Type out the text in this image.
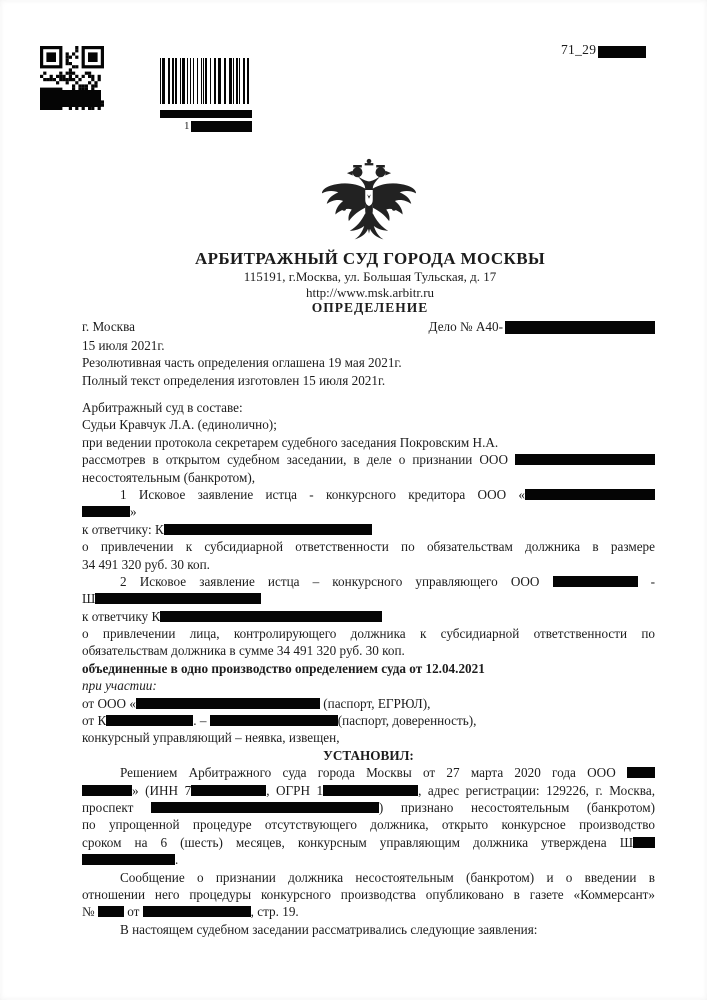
1
71_29
АРБИТРАЖНЫЙ СУД ГОРОДА МОСКВЫ
115191, г.Москва, ул. Большая Тульская, д. 17
http://www.msk.arbitr.ru
ОПРЕДЕЛЕНИЕ
г. Москва	Дело № А40-
15 июля 2021г.
Резолютивная часть определения оглашена 19 мая 2021г.
Полный текст определения изготовлен 15 июля 2021г.
Арбитражный суд в составе:
Судьи Кравчук Л.А. (единолично);
при ведении протокола секретарем судебного заседания Покровским Н.А.
рассмотрев в открытом судебном заседании, в деле о признании ООО
несостоятельным (банкротом),
1 Исковое заявление истца - конкурсного кредитора ООО «
»
к ответчику: К
о привлечении к субсидиарной ответственности по обязательствам должника в размере
34 491 320 руб. 30 коп.
2 Исковое заявление истца – конкурсного управляющего ООО	-
Ш
к ответчику К
о привлечении лица, контролирующего должника к субсидиарной ответственности по
обязательствам должника в сумме 34 491 320 руб. 30 коп.
объединенные в одно производство определением суда от 12.04.2021
при участии:
от ООО «	(паспорт, ЕГРЮЛ),
от К	. –	(паспорт, доверенность),
конкурсный управляющий – неявка, извещен,
УСТАНОВИЛ:
Решением Арбитражного суда города Москвы от 27 марта 2020 года ООО
» (ИНН 7	, ОГРН 1	, адрес регистрации: 129226, г. Москва,
проспект	) признано несостоятельным (банкротом)
по упрощенной процедуре отсутствующего должника, открыто конкурсное производство
сроком на 6 (шесть) месяцев, конкурсным управляющим должника утверждена Ш
.
Сообщение о признании должника несостоятельным (банкротом) и о введении в
отношении него процедуры конкурсного производства опубликовано в газете «Коммерсант»
№  от	, стр. 19.
В настоящем судебном заседании рассматривались следующие заявления:
